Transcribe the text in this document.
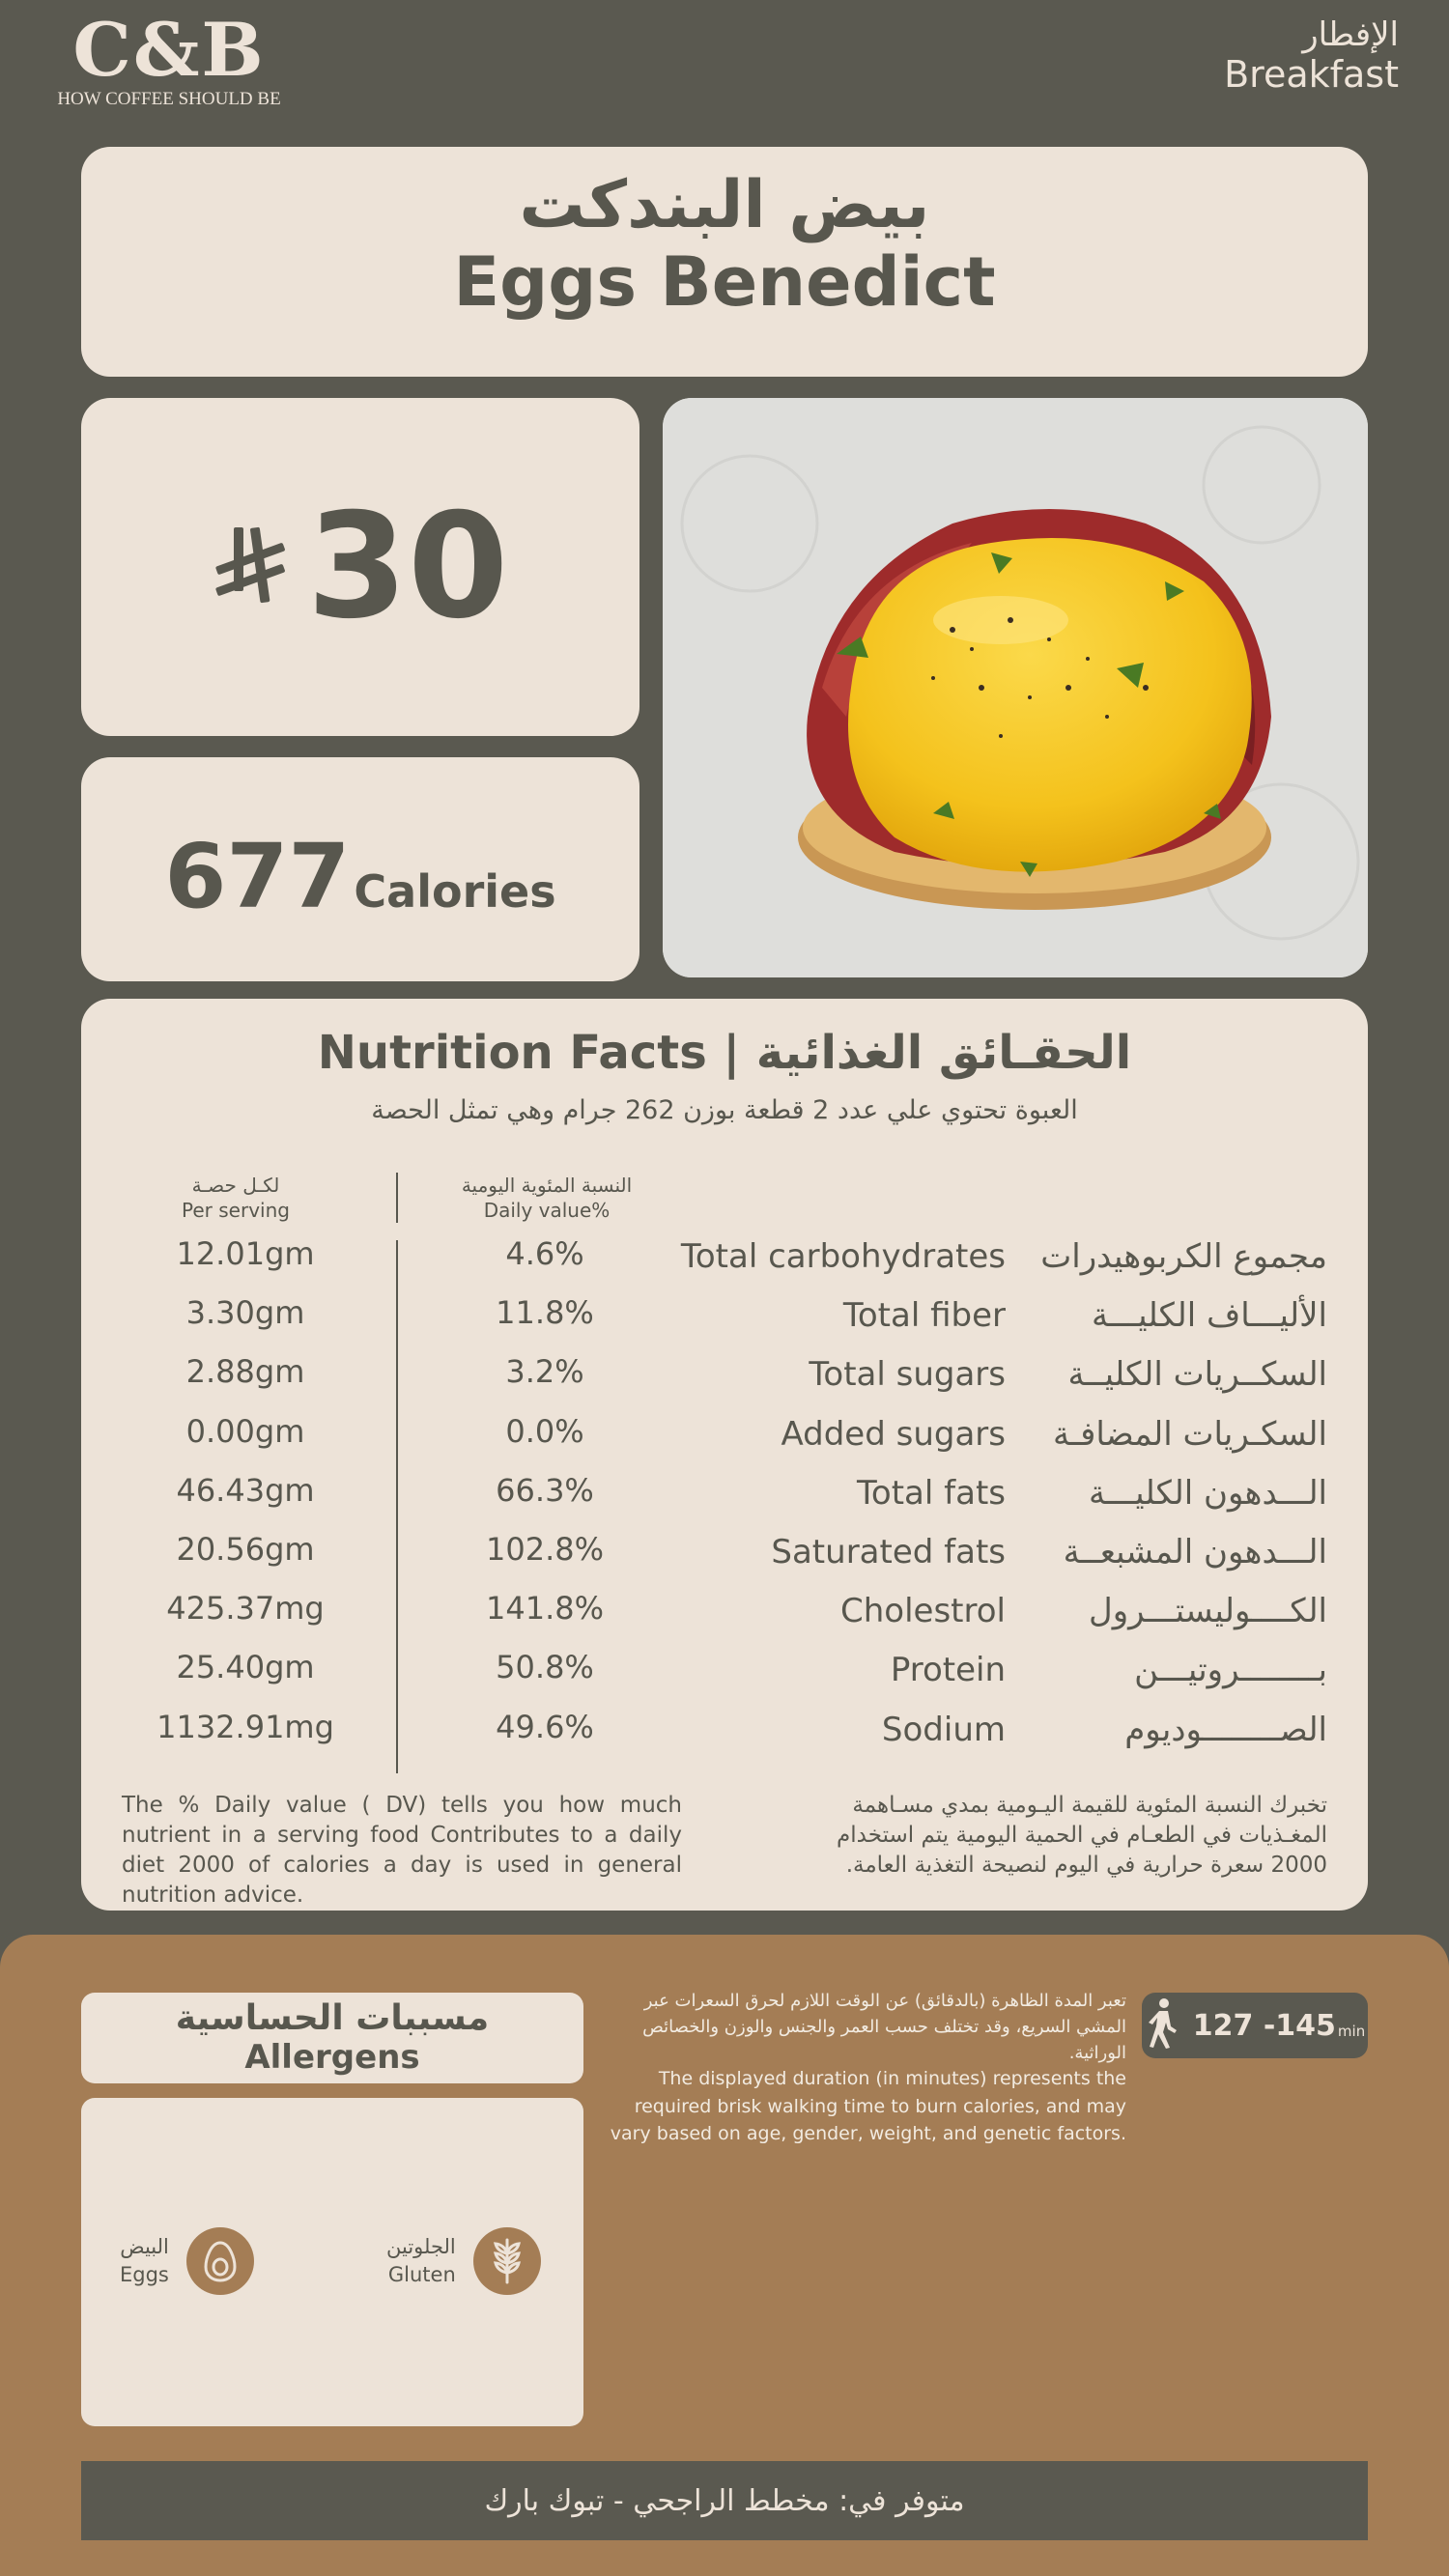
C&B
HOW COFFEE SHOULD BE
الإفطار
Breakfast
بيض البندكت
Eggs Benedict
30
677 Calories
Nutrition Facts | الحقـائق الغذائية
العبوة تحتوي علي عدد 2 قطعة بوزن 262 جرام وهي تمثل الحصة
لكـل حصـة
Per serving
النسبة المئوية اليومية
Daily value%
12.01gm	4.6%	Total carbohydrates مجموع الكربوهيدرات
3.30gm	11.8%	Total fiber	الأليـــاف الكليـــة
2.88gm	3.2%	Total sugars	السكــريات الكليــة
0.00gm	0.0%	Added sugars	السكـريات المضافـة
46.43gm	66.3%	Total fats	الـــدهون الكليـــة
20.56gm	102.8%	Saturated fats	الـــدهون المشبعــة
425.37mg	141.8%	Cholestrol	الكــــوليستـــرول
25.40gm	50.8%	Protein	بــــــــروتيـــن
1132.91mg	49.6%	Sodium	الصــــــــوديوم
The % Daily value ( DV) tells you how much nutrient in a serving food Contributes to a daily diet 2000 of calories a day is used in general nutrition advice.
تخبرك النسبة المئوية للقيمة اليـومية بمدي مسـاهمة المغـذيات في الطعـام في الحمية اليومية يتم استخدام 2000 سعرة حرارية في اليوم لنصيحة التغذية العامة.
مسببات الحساسية
Allergens
الجلوتين
Gluten
البيض
Eggs
127 -145 min
تعبر المدة الظاهرة (بالدقائق) عن الوقت اللازم لحرق السعرات عبر المشي السريع، وقد تختلف حسب العمر والجنس والوزن والخصائص الوراثية.
The displayed duration (in minutes) represents the required brisk walking time to burn calories, and may vary based on age, gender, weight, and genetic factors.
متوفر في: مخطط الراجحي - تبوك بارك
